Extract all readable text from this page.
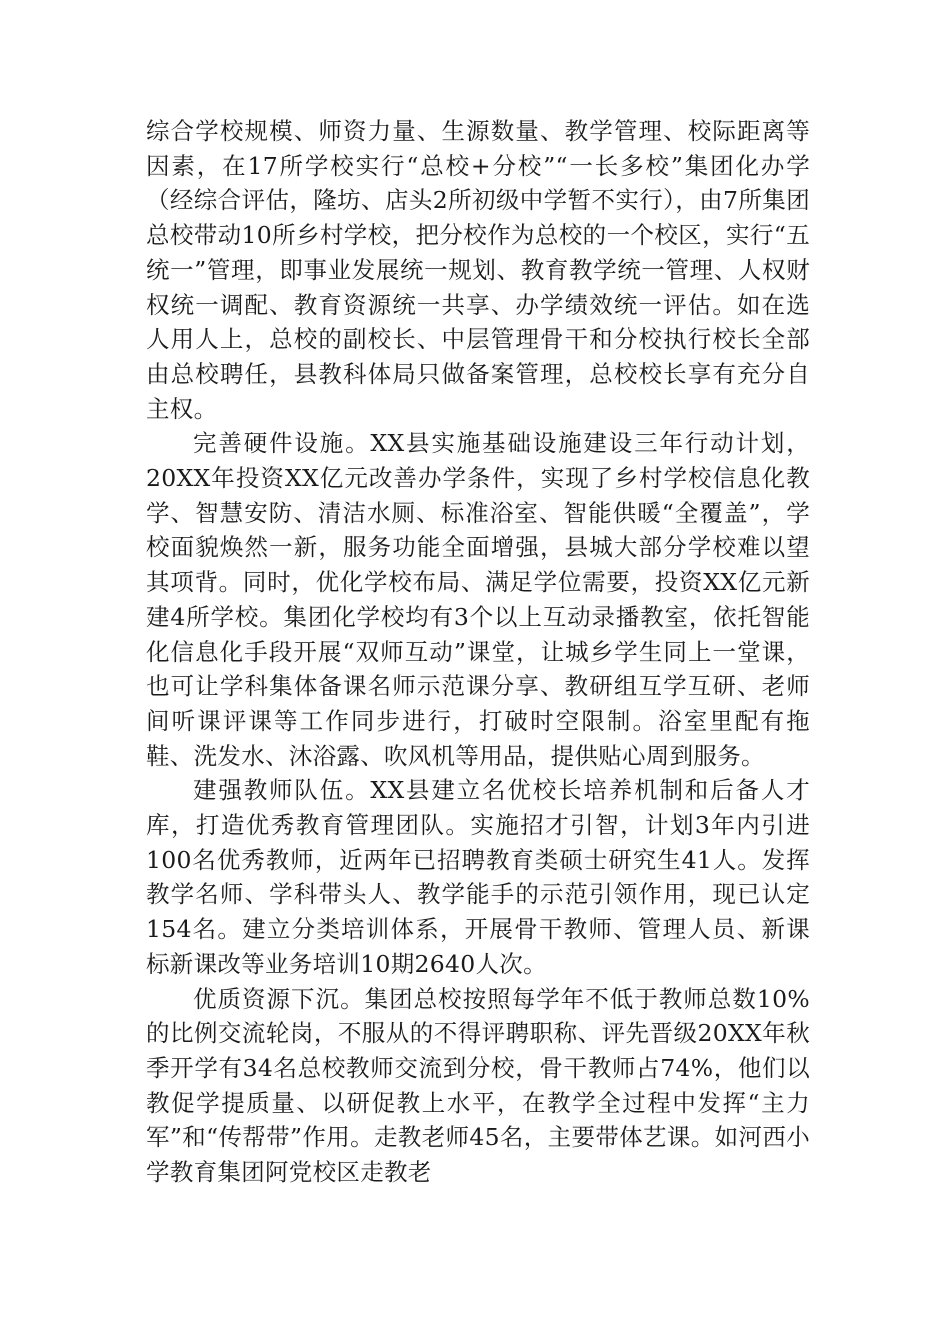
综合学校规模、师资力量、生源数量、教学管理、校际距离等因素，在17所学校实行“总校+分校”“一长多校”集团化办学（经综合评估，隆坊、店头2所初级中学暂不实行），由7所集团总校带动10所乡村学校，把分校作为总校的一个校区，实行“五统一”管理，即事业发展统一规划、教育教学统一管理、人权财权统一调配、教育资源统一共享、办学绩效统一评估。如在选人用人上，总校的副校长、中层管理骨干和分校执行校长全部由总校聘任，县教科体局只做备案管理，总校校长享有充分自主权。

完善硬件设施。XX县实施基础设施建设三年行动计划，20XX年投资XX亿元改善办学条件，实现了乡村学校信息化教学、智慧安防、清洁水厕、标准浴室、智能供暖“全覆盖”，学校面貌焕然一新，服务功能全面增强，县城大部分学校难以望其项背。同时，优化学校布局、满足学位需要，投资XX亿元新建4所学校。集团化学校均有3个以上互动录播教室，依托智能化信息化手段开展“双师互动”课堂，让城乡学生同上一堂课，也可让学科集体备课名师示范课分享、教研组互学互研、老师间听课评课等工作同步进行，打破时空限制。浴室里配有拖鞋、洗发水、沐浴露、吹风机等用品，提供贴心周到服务。

建强教师队伍。XX县建立名优校长培养机制和后备人才库，打造优秀教育管理团队。实施招才引智，计划3年内引进100名优秀教师，近两年已招聘教育类硕士研究生41人。发挥教学名师、学科带头人、教学能手的示范引领作用，现已认定154名。建立分类培训体系，开展骨干教师、管理人员、新课标新课改等业务培训10期2640人次。

优质资源下沉。集团总校按照每学年不低于教师总数10%的比例交流轮岗，不服从的不得评聘职称、评先晋级20XX年秋季开学有34名总校教师交流到分校，骨干教师占74%，他们以教促学提质量、以研促教上水平，在教学全过程中发挥“主力军”和“传帮带”作用。走教老师45名，主要带体艺课。如河西小学教育集团阿党校区走教老
